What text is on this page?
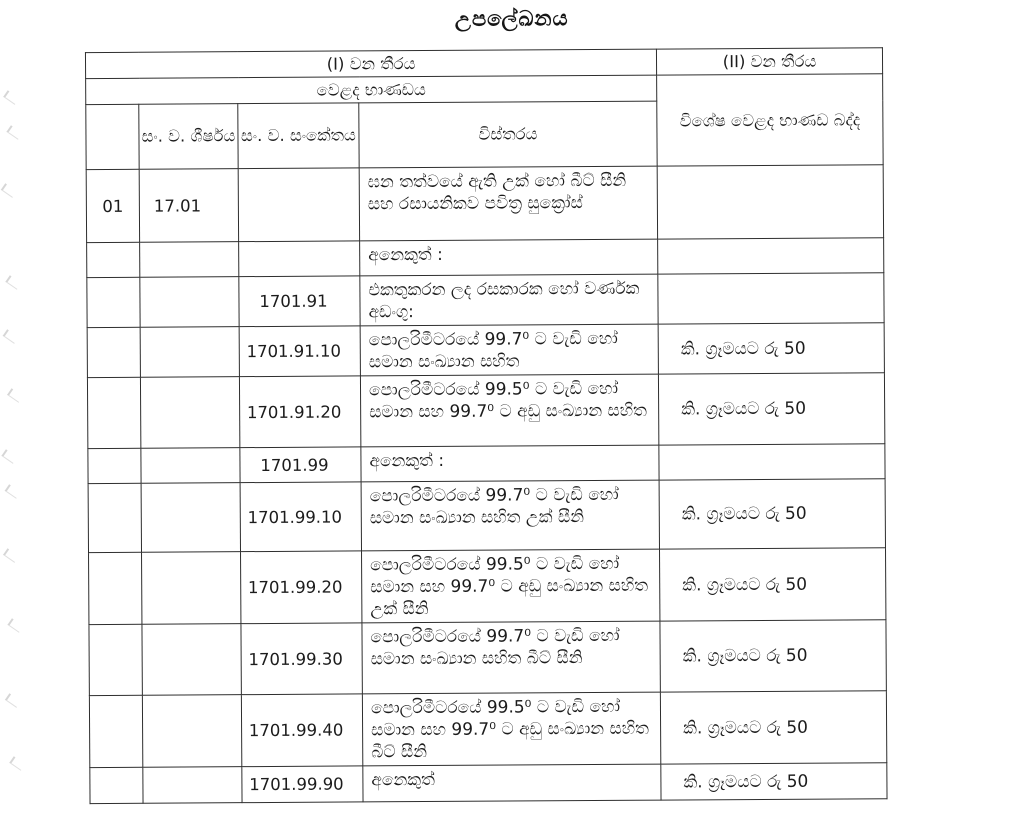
උපලේඛනය
(I) වන තීරය				(II) වන තීරය
වෙළද භාණඩය				විශේෂ වෙළද භාණඩ බද්ද
	සං. ව. ශීර්ෂය	සං. ව. සංකේතය	විස්තරය	
01	17.01		ඝන තත්වයේ ඇති උක් හෝ බීට් සීනි සහ රසායනිකව පවිත්‍ර සුක්‍රෝස්	
			අනෙකුත් :	
		1701.91	එකතුකරන ලද රසකාරක හෝ වර්ණක අඩංගු:	
		1701.91.10	පොලරිමීටරයේ 99.7⁰ ට වැඩි හෝ සමාන සංඛ්‍යාන සහිත	කි. ග්‍රෑමයට රු 50
		1701.91.20	පොලරිමීටරයේ 99.5⁰ ට වැඩි හෝ සමාන සහ 99.7⁰ ට අඩු සංඛ්‍යාන සහිත	කි. ග්‍රෑමයට රු 50
		1701.99	අනෙකුත් :	
		1701.99.10	පොලරිමීටරයේ 99.7⁰ ට වැඩි හෝ සමාන සංඛ්‍යාන සහිත උක් සීනි	කි. ග්‍රෑමයට රු 50
		1701.99.20	පොලරිමීටරයේ 99.5⁰ ට වැඩි හෝ සමාන සහ 99.7⁰ ට අඩු සංඛ්‍යාන සහිත උක් සීනි	කි. ග්‍රෑමයට රු 50
		1701.99.30	පොලරිමීටරයේ 99.7⁰ ට වැඩි හෝ සමාන සංඛ්‍යාන සහිත බීට් සීනි	කි. ග්‍රෑමයට රු 50
		1701.99.40	පොලරිමීටරයේ 99.5⁰ ට වැඩි හෝ සමාන සහ 99.7⁰ ට අඩු සංඛ්‍යාන සහිත බීට් සීනි	කි. ග්‍රෑමයට රු 50
		1701.99.90	අනෙකුත්	කි. ග්‍රෑමයට රු 50
